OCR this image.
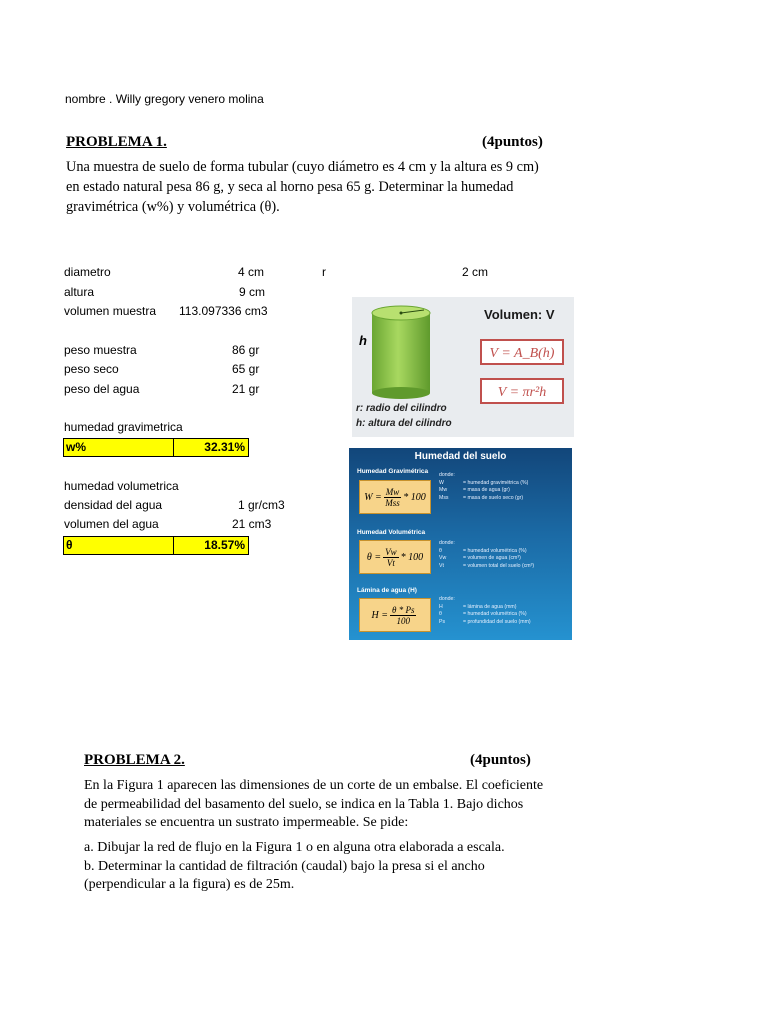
nombre . Willy gregory venero molina
PROBLEMA 1.	(4puntos)
Una muestra de suelo de forma tubular (cuyo diámetro es 4 cm y la altura es 9 cm) en estado natural pesa 86 g, y seca al horno pesa 65 g. Determinar la humedad gravimétrica (w%) y volumétrica (θ).
diametro	4 cm	r	2 cm
altura	9 cm
volumen muestra 113.097336 cm3
peso muestra	86 gr
peso seco	65 gr
peso del agua	21 gr
humedad gravimetrica
w%	32.31%
humedad volumetrica
densidad del agua	1 gr/cm3
volumen del agua	21 cm3
θ	18.57%
h
Volumen: V
V = A_B(h)
V = πr²h
r: radio del cilindro
h: altura del cilindro
Humedad del suelo
Humedad Gravimétrica
$W = \frac{Mw}{\text{Mss}} * 100$
donde:
W	= humedad gravimétrica (%)
Mw	= masa de agua (gr)
Mss	= masa de suelo seco (gr)
Humedad Volumétrica
$\theta = \frac{Vw}{Vt} * 100$
donde:
θ	= humedad volumétrica (%)
Vw	= volumen de agua (cm³)
Vt	= volumen total del suelo (cm³)
Lámina de agua (H)
$H = \frac{\theta * Ps}{100}$
donde:
H	= lámina de agua (mm)
θ	= humedad volumétrica (%)
Ps	= profundidad del suelo (mm)
PROBLEMA 2.	(4puntos)
En la Figura 1 aparecen las dimensiones de un corte de un embalse. El coeficiente de permeabilidad del basamento del suelo, se indica en la Tabla 1. Bajo dichos materiales se encuentra un sustrato impermeable. Se pide:
a. Dibujar la red de flujo en la Figura 1 o en alguna otra elaborada a escala.
b. Determinar la cantidad de filtración (caudal) bajo la presa si el ancho (perpendicular a la figura) es de 25m.
